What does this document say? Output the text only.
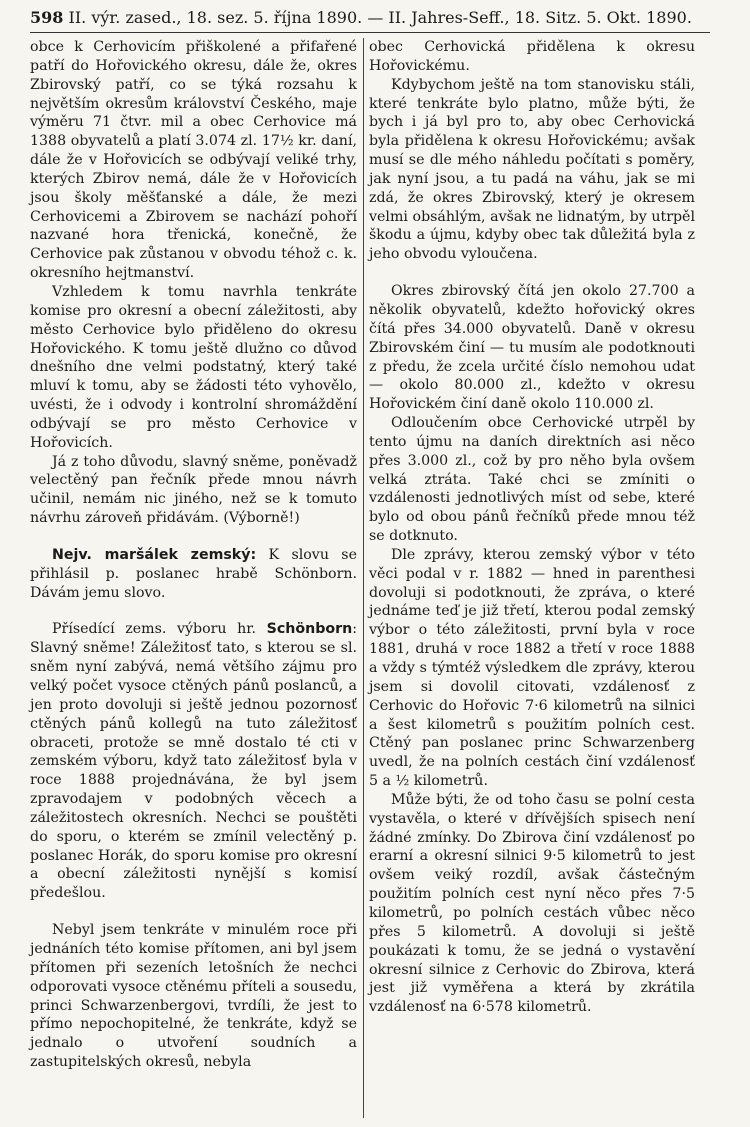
598 II. výr. zased., 18. sez. 5. října 1890. — II. Jahres-Seff., 18. Sitz. 5. Okt. 1890.

obce k Cerhovicím přiškolené a přifařené patří do Hořovického okresu, dále že, okres Zbirovský patří, co se týká rozsahu k největším okresům království Českého, maje výměru 71 čtvr. mil a obec Cerhovice má 1388 obyvatelů a platí 3.074 zl. 17½ kr. daní, dále že v Hořovicích se odbývají veliké trhy, kterých Zbirov nemá, dále že v Hořovicích jsou školy měšťanské a dále, že mezi Cerhovicemi a Zbirovem se nachází pohoří nazvané hora třenická, konečně, že Cerhovice pak zůstanou v obvodu téhož c. k. okresního hejtmanství.

Vzhledem k tomu navrhla tenkráte komise pro okresní a obecní záležitosti, aby město Cerhovice bylo přiděleno do okresu Hořovického. K tomu ještě dlužno co důvod dnešního dne velmi podstatný, který také mluví k tomu, aby se žádosti této vyhovělo, uvésti, že i odvody i kontrolní shromáždění odbývají se pro město Cerhovice v Hořovicích.

Já z toho důvodu, slavný sněme, poněvadž velectěný pan řečník přede mnou návrh učinil, nemám nic jiného, než se k tomuto návrhu zároveň přidávám. (Výborně!)

Nejv. maršálek zemský: K slovu se přihlásil p. poslanec hrabě Schönborn. Dávám jemu slovo.

Přísedící zems. výboru hr. Schönborn: Slavný sněme! Záležitosť tato, s kterou se sl. sněm nyní zabývá, nemá většího zájmu pro velký počet vysoce ctěných pánů poslanců, a jen proto dovoluji si ještě jednou pozornosť ctěných pánů kollegů na tuto záležitosť obraceti, protože se mně dostalo té cti v zemském výboru, když tato záležitosť byla v roce 1888 projednávána, že byl jsem zpravodajem v podobných věcech a záležitostech okresních. Nechci se pouštěti do sporu, o kterém se zmínil velectěný p. poslanec Horák, do sporu komise pro okresní a obecní záležitosti nynější s komisí předešlou.

Nebyl jsem tenkráte v minulém roce při jednáních této komise přítomen, ani byl jsem přítomen při sezeních letošních že nechci odporovati vysoce ctěnému příteli a sousedu, princi Schwarzenbergovi, tvrdíli, že jest to přímo nepochopitelné, že tenkráte, když se jednalo o utvoření soudních a zastupitelských okresů, nebyla

obec Cerhovická přidělena k okresu Hořovickému.

Kdybychom ještě na tom stanovisku stáli, které tenkráte bylo platno, může býti, že bych i já byl pro to, aby obec Cerhovická byla přidělena k okresu Hořovickému; avšak musí se dle mého náhledu počítati s poměry, jak nyní jsou, a tu padá na váhu, jak se mi zdá, že okres Zbirovský, který je okresem velmi obsáhlým, avšak ne lidnatým, by utrpěl škodu a újmu, kdyby obec tak důležitá byla z jeho obvodu vyloučena.

Okres zbirovský čítá jen okolo 27.700 a několik obyvatelů, kdežto hořovický okres čítá přes 34.000 obyvatelů. Daně v okresu Zbirovském činí — tu musím ale podotknouti z předu, že zcela určité číslo nemohou udat — okolo 80.000 zl., kdežto v okresu Hořovickém činí daně okolo 110.000 zl.

Odloučením obce Cerhovické utrpěl by tento újmu na daních direktních asi něco přes 3.000 zl., což by pro něho byla ovšem velká ztráta. Také chci se zmíniti o vzdálenosti jednotlivých míst od sebe, které bylo od obou pánů řečníků přede mnou též se dotknuto.

Dle zprávy, kterou zemský výbor v této věci podal v r. 1882 — hned in parenthesi dovoluji si podotknouti, že zpráva, o které jednáme teď je již třetí, kterou podal zemský výbor o této záležitosti, první byla v roce 1881, druhá v roce 1882 a třetí v roce 1888 a vždy s týmtéž výsledkem dle zprávy, kterou jsem si dovolil citovati, vzdálenosť z Cerhovic do Hořovic 7·6 kilometrů na silnici a šest kilometrů s použitím polních cest. Ctěný pan poslanec princ Schwarzenberg uvedl, že na polních cestách činí vzdálenosť 5 a ½ kilometrů.

Může býti, že od toho času se polní cesta vystavěla, o které v dřívějších spisech není žádné zmínky. Do Zbirova činí vzdálenosť po erarní a okresní silnici 9·5 kilometrů to jest ovšem veiký rozdíl, avšak částečným použitím polních cest nyní něco přes 7·5 kilometrů, po polních cestách vůbec něco přes 5 kilometrů. A dovoluji si ještě poukázati k tomu, že se jedná o vystavění okresní silnice z Cerhovic do Zbirova, která jest již vyměřena a která by zkrátila vzdálenosť na 6·578 kilometrů.
